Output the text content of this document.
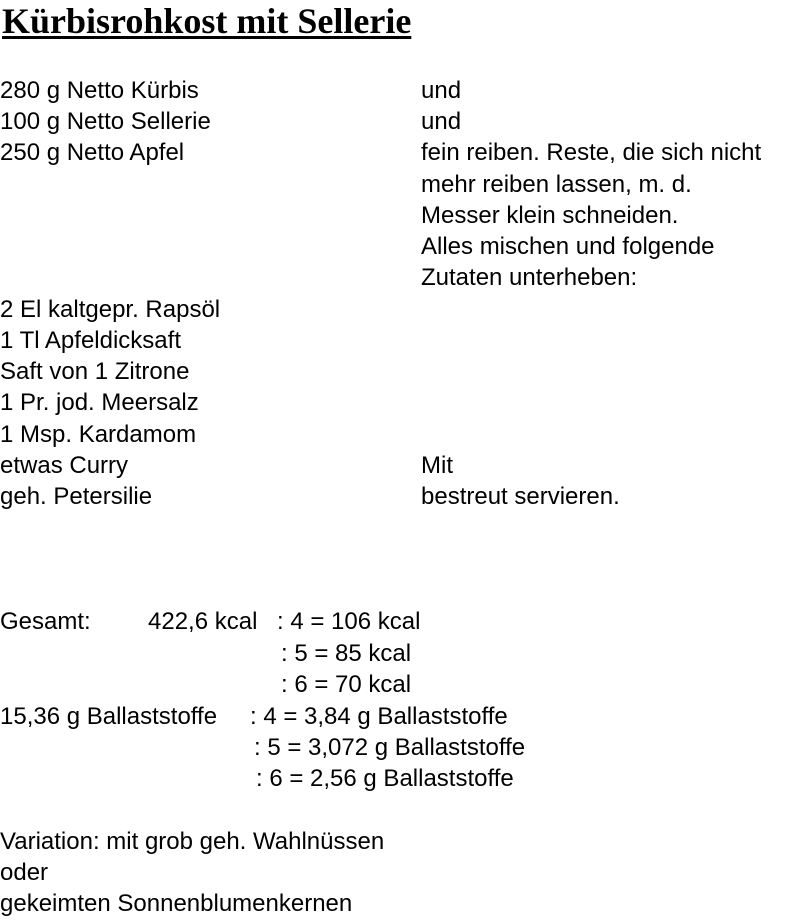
Kürbisrohkost mit Sellerie
280 g Netto Kürbis
100 g Netto Sellerie
250 g Netto Apfel
und
und
fein reiben. Reste, die sich nicht
mehr reiben lassen, m. d.
Messer klein schneiden.
Alles mischen und folgende
Zutaten unterheben:
2 El kaltgepr. Rapsöl
1 Tl Apfeldicksaft
Saft von 1 Zitrone
1 Pr. jod. Meersalz
1 Msp. Kardamom
etwas Curry
geh. Petersilie
Mit
bestreut servieren.
Gesamt: 422,6 kcal : 4 = 106 kcal
: 5 = 85 kcal
: 6 = 70 kcal
15,36 g Ballaststoffe : 4 = 3,84 g Ballaststoffe
: 5 = 3,072 g Ballaststoffe
: 6 = 2,56 g Ballaststoffe
Variation: mit grob geh. Wahlnüssen
oder
gekeimten Sonnenblumenkernen
